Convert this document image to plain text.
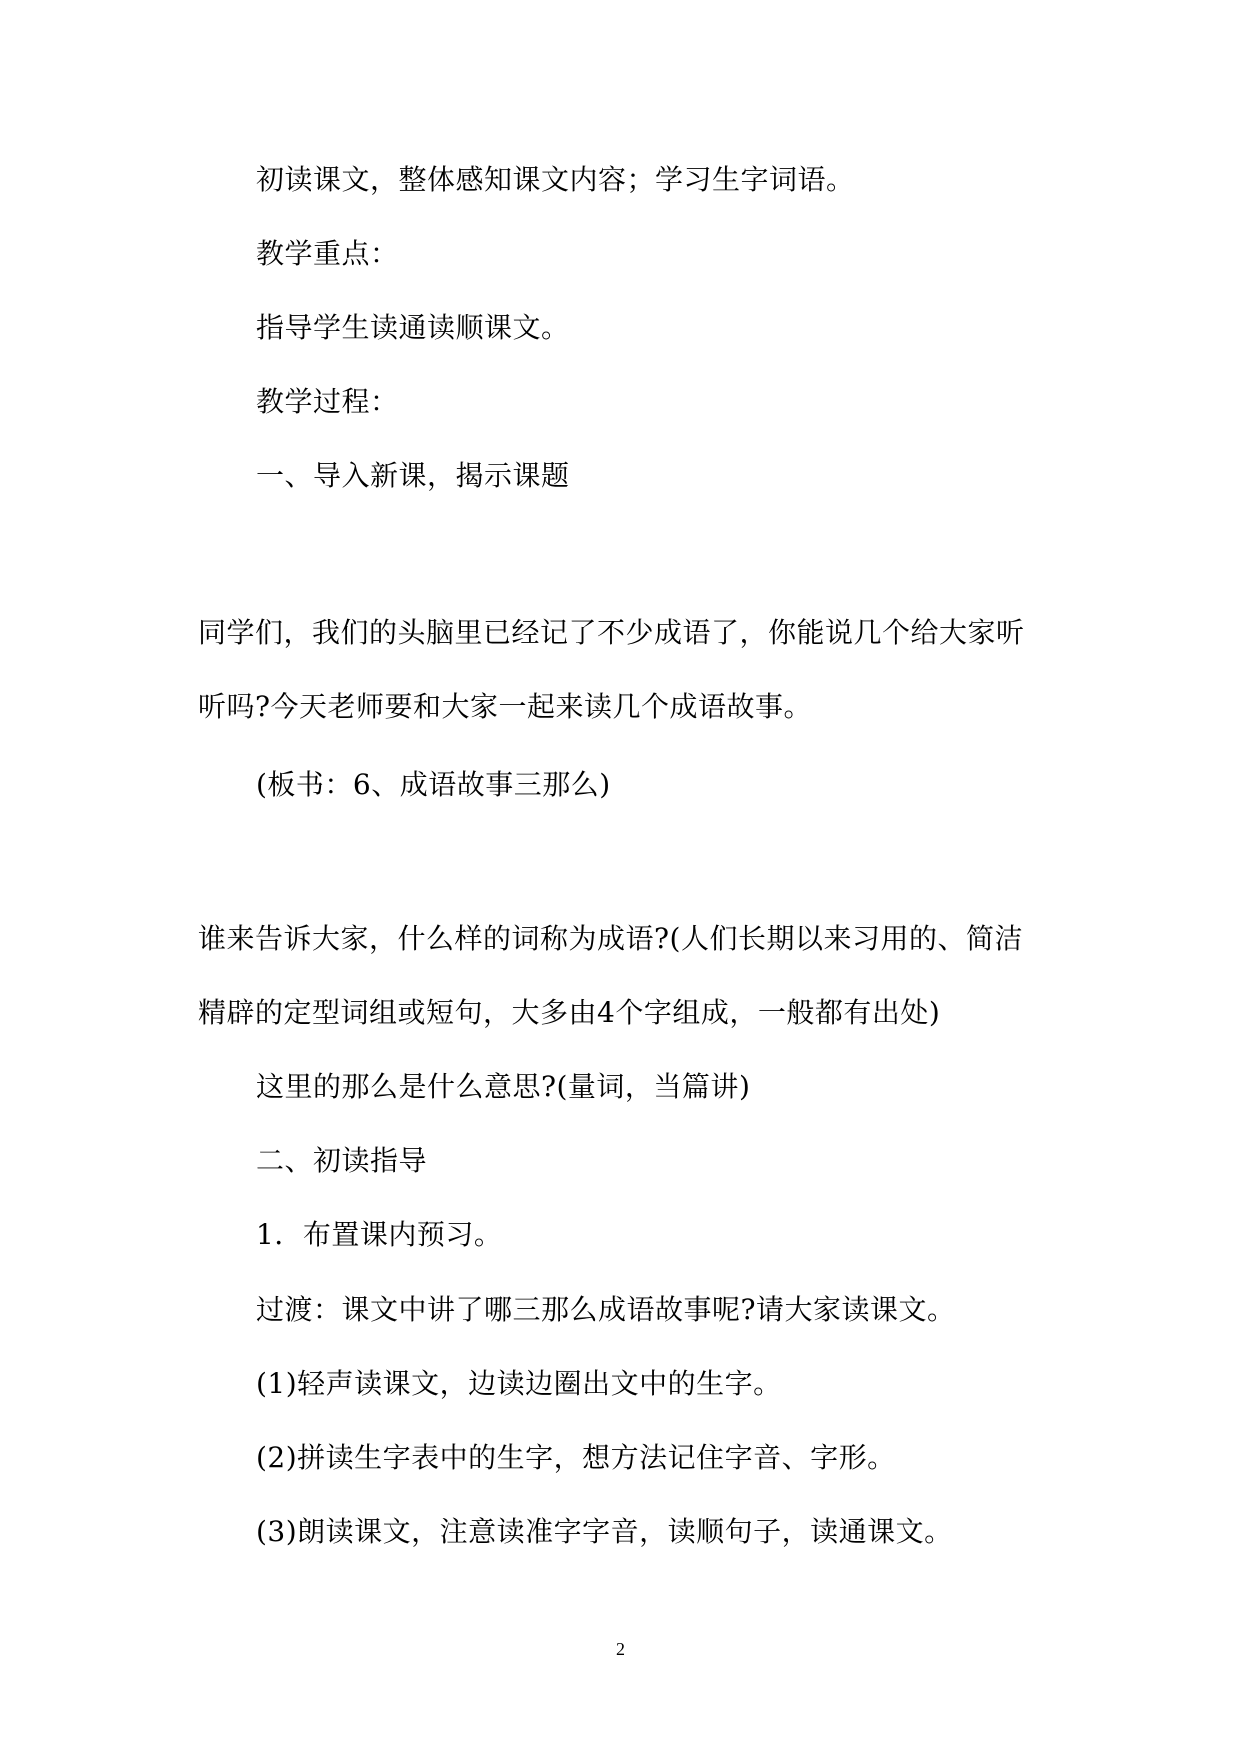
初读课文，整体感知课文内容；学习生字词语。
教学重点：
指导学生读通读顺课文。
教学过程：
一、导入新课，揭示课题
同学们，我们的头脑里已经记了不少成语了，你能说几个给大家听
听吗?今天老师要和大家一起来读几个成语故事。
(板书：6、成语故事三那么)
谁来告诉大家，什么样的词称为成语?(人们长期以来习用的、简洁
精辟的定型词组或短句，大多由4个字组成，一般都有出处)
这里的那么是什么意思?(量词，当篇讲)
二、初读指导
1．布置课内预习。
过渡：课文中讲了哪三那么成语故事呢?请大家读课文。
(1)轻声读课文，边读边圈出文中的生字。
(2)拼读生字表中的生字，想方法记住字音、字形。
(3)朗读课文，注意读准字字音，读顺句子，读通课文。
2
